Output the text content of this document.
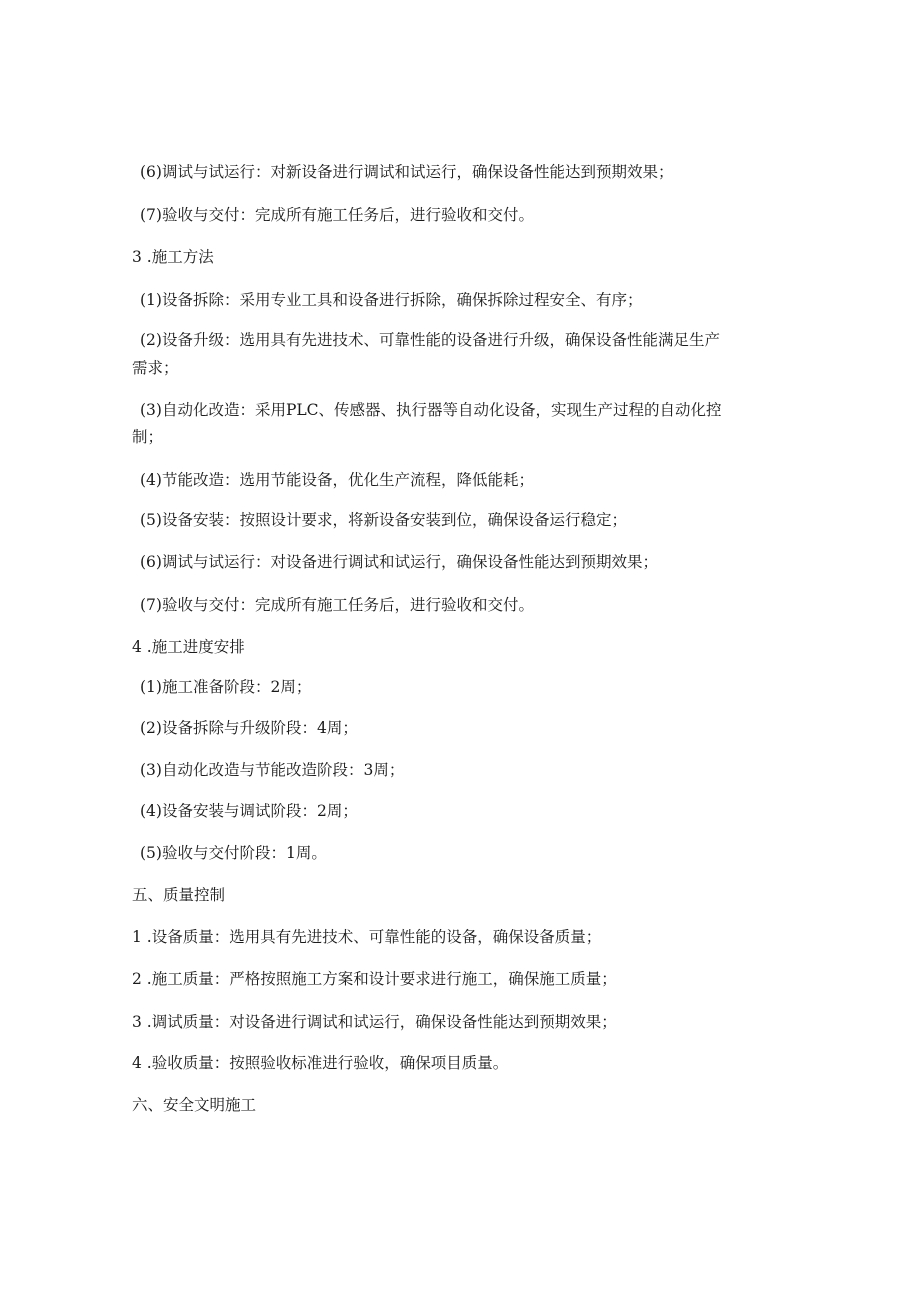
(6)调试与试运行：对新设备进行调试和试运行，确保设备性能达到预期效果；
(7)验收与交付：完成所有施工任务后，进行验收和交付。
3 .施工方法
(1)设备拆除：采用专业工具和设备进行拆除，确保拆除过程安全、有序；
(2)设备升级：选用具有先进技术、可靠性能的设备进行升级，确保设备性能满足生产
需求；
(3)自动化改造：采用PLC、传感器、执行器等自动化设备，实现生产过程的自动化控
制；
(4)节能改造：选用节能设备，优化生产流程，降低能耗；
(5)设备安装：按照设计要求，将新设备安装到位，确保设备运行稳定；
(6)调试与试运行：对设备进行调试和试运行，确保设备性能达到预期效果；
(7)验收与交付：完成所有施工任务后，进行验收和交付。
4 .施工进度安排
(1)施工准备阶段：2周；
(2)设备拆除与升级阶段：4周；
(3)自动化改造与节能改造阶段：3周；
(4)设备安装与调试阶段：2周；
(5)验收与交付阶段：1周。
五、质量控制
1 .设备质量：选用具有先进技术、可靠性能的设备，确保设备质量；
2 .施工质量：严格按照施工方案和设计要求进行施工，确保施工质量；
3 .调试质量：对设备进行调试和试运行，确保设备性能达到预期效果；
4 .验收质量：按照验收标准进行验收，确保项目质量。
六、安全文明施工
